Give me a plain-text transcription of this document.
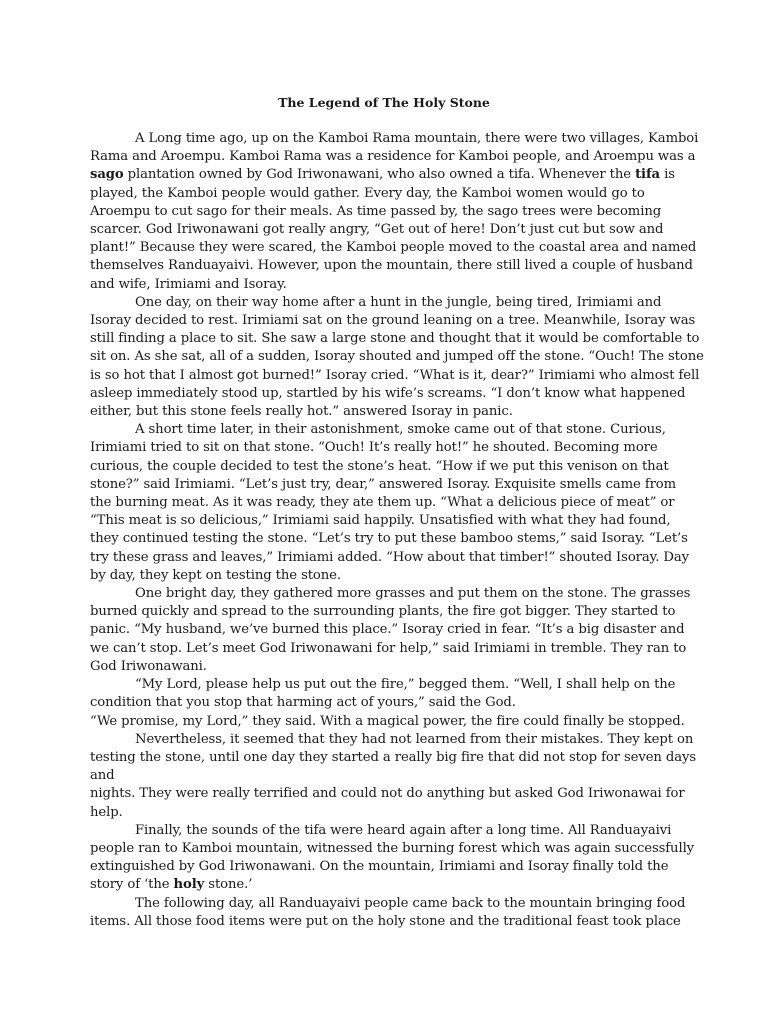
The Legend of The Holy Stone
A Long time ago, up on the Kamboi Rama mountain, there were two villages, Kamboi
Rama and Aroempu. Kamboi Rama was a residence for Kamboi people, and Aroempu was a
sago plantation owned by God Iriwonawani, who also owned a tifa. Whenever the tifa is
played, the Kamboi people would gather. Every day, the Kamboi women would go to
Aroempu to cut sago for their meals. As time passed by, the sago trees were becoming
scarcer. God Iriwonawani got really angry, “Get out of here! Don’t just cut but sow and
plant!” Because they were scared, the Kamboi people moved to the coastal area and named
themselves Randuayaivi. However, upon the mountain, there still lived a couple of husband
and wife, Irimiami and Isoray.
One day, on their way home after a hunt in the jungle, being tired, Irimiami and
Isoray decided to rest. Irimiami sat on the ground leaning on a tree. Meanwhile, Isoray was
still finding a place to sit. She saw a large stone and thought that it would be comfortable to
sit on. As she sat, all of a sudden, Isoray shouted and jumped off the stone. “Ouch! The stone
is so hot that I almost got burned!” Isoray cried. “What is it, dear?” Irimiami who almost fell
asleep immediately stood up, startled by his wife’s screams. “I don’t know what happened
either, but this stone feels really hot.” answered Isoray in panic.
A short time later, in their astonishment, smoke came out of that stone. Curious,
Irimiami tried to sit on that stone. “Ouch! It’s really hot!” he shouted. Becoming more
curious, the couple decided to test the stone’s heat. “How if we put this venison on that
stone?” said Irimiami. “Let’s just try, dear,” answered Isoray. Exquisite smells came from
the burning meat. As it was ready, they ate them up. “What a delicious piece of meat” or
“This meat is so delicious,” Irimiami said happily. Unsatisfied with what they had found,
they continued testing the stone. “Let’s try to put these bamboo stems,” said Isoray. “Let’s
try these grass and leaves,” Irimiami added. “How about that timber!” shouted Isoray. Day
by day, they kept on testing the stone.
One bright day, they gathered more grasses and put them on the stone. The grasses
burned quickly and spread to the surrounding plants, the fire got bigger. They started to
panic. “My husband, we’ve burned this place.” Isoray cried in fear. “It’s a big disaster and
we can’t stop. Let’s meet God Iriwonawani for help,” said Irimiami in tremble. They ran to
God Iriwonawani.
“My Lord, please help us put out the fire,” begged them. “Well, I shall help on the
condition that you stop that harming act of yours,” said the God.
“We promise, my Lord,” they said. With a magical power, the fire could finally be stopped.
Nevertheless, it seemed that they had not learned from their mistakes. They kept on
testing the stone, until one day they started a really big fire that did not stop for seven days
and
nights. They were really terrified and could not do anything but asked God Iriwonawai for
help.
Finally, the sounds of the tifa were heard again after a long time. All Randuayaivi
people ran to Kamboi mountain, witnessed the burning forest which was again successfully
extinguished by God Iriwonawani. On the mountain, Irimiami and Isoray finally told the
story of ‘the holy stone.’
The following day, all Randuayaivi people came back to the mountain bringing food
items. All those food items were put on the holy stone and the traditional feast took place
